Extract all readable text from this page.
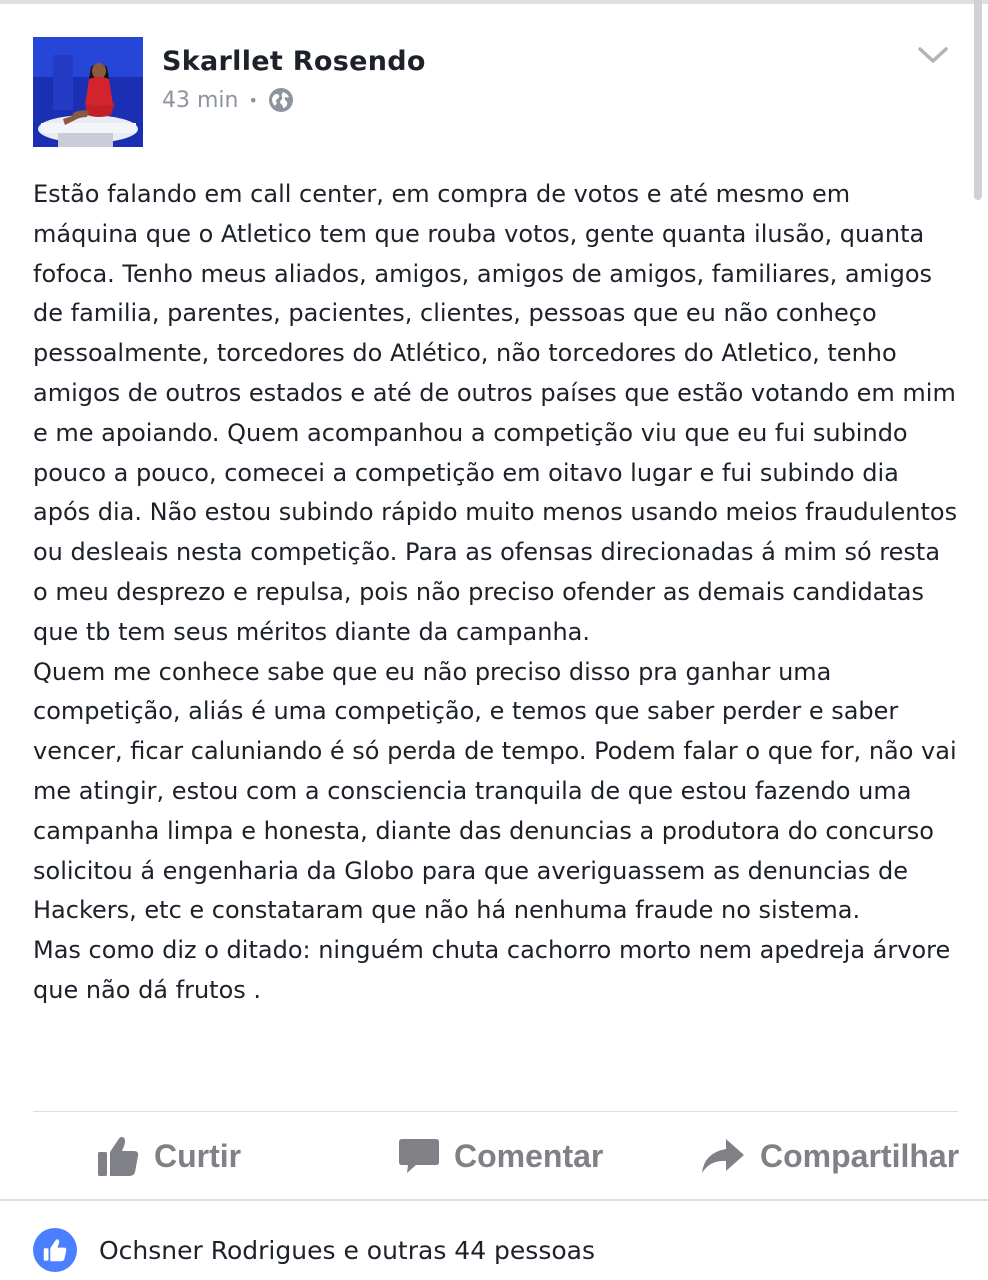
Skarllet Rosendo
43 min •

Estão falando em call center, em compra de votos e até mesmo em máquina que o Atletico tem que rouba votos, gente quanta ilusão, quanta fofoca. Tenho meus aliados, amigos, amigos de amigos, familiares, amigos de familia, parentes, pacientes, clientes, pessoas que eu não conheço pessoalmente, torcedores do Atlético, não torcedores do Atletico, tenho amigos de outros estados e até de outros países que estão votando em mim e me apoiando. Quem acompanhou a competição viu que eu fui subindo pouco a pouco, comecei a competição em oitavo lugar e fui subindo dia após dia. Não estou subindo rápido muito menos usando meios fraudulentos ou desleais nesta competição. Para as ofensas direcionadas á mim só resta o meu desprezo e repulsa, pois não preciso ofender as demais candidatas que tb tem seus méritos diante da campanha.

Quem me conhece sabe que eu não preciso disso pra ganhar uma competição, aliás é uma competição, e temos que saber perder e saber vencer, ficar caluniando é só perda de tempo. Podem falar o que for, não vai me atingir, estou com a consciencia tranquila de que estou fazendo uma campanha limpa e honesta, diante das denuncias a produtora do concurso solicitou á engenharia da Globo para que averiguassem as denuncias de Hackers, etc e constataram que não há nenhuma fraude no sistema.

Mas como diz o ditado: ninguém chuta cachorro morto nem apedreja árvore que não dá frutos .

Curtir	Comentar	Compartilhar
Ochsner Rodrigues e outras 44 pessoas
